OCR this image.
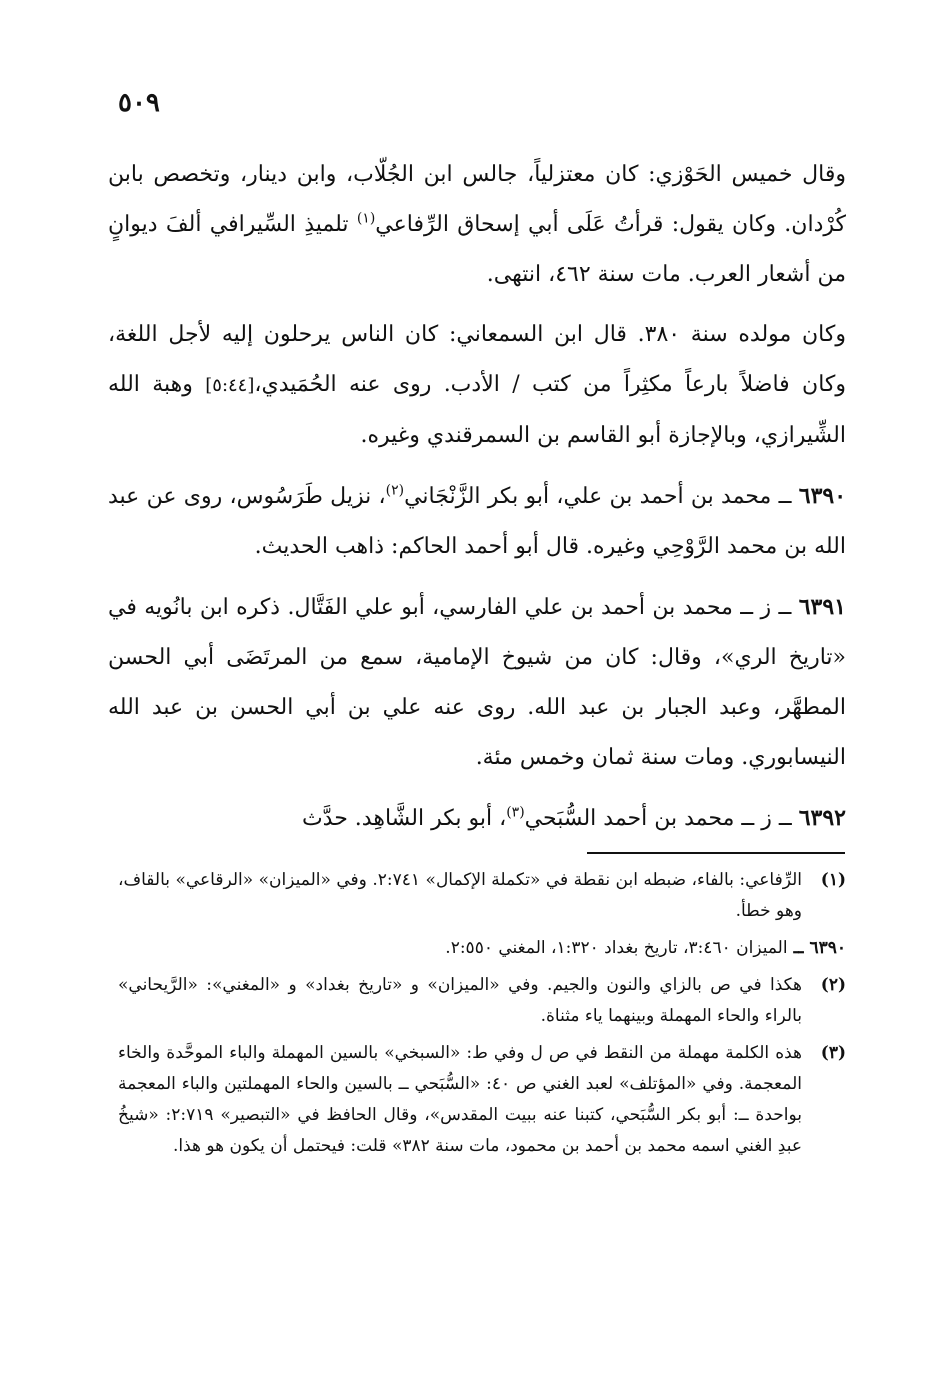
٥٠٩

وقال خميس الحَوْزي: كان معتزلياً، جالس ابن الجُلّاب، وابن دينار، وتخصص بابن كُرْدان. وكان يقول: قرأتُ عَلَى أبي إسحاق الرِّفاعي$^{(١)}$ تلميذِ السِّيرافي ألفَ ديوانٍ من أشعار العرب. مات سنة ٤٦٢، انتهى.

وكان مولده سنة ٣٨٠. قال ابن السمعاني: كان الناس يرحلون إليه لأجل اللغة، وكان فاضلاً بارعاً مكثِراً من كتب / الأدب. روى عنه الحُمَيدي،[٥:٤٤] وهبة الله الشِّيرازي، وبالإجازة أبو القاسم بن السمرقندي وغيره.

٦٣٩٠ ــ محمد بن أحمد بن علي، أبو بكر الزَّنْجَاني$^{(٢)}$، نزيل طَرَسُوس، روى عن عبد الله بن محمد الرَّوْحِي وغيره. قال أبو أحمد الحاكم: ذاهب الحديث.

٦٣٩١ ــ ز ــ محمد بن أحمد بن علي الفارسي، أبو علي الفَتَّال. ذكره ابن بانُويه في «تاريخ الري»، وقال: كان من شيوخ الإمامية، سمع من المرتَضَى أبي الحسن المطهَّر، وعبد الجبار بن عبد الله. روى عنه علي بن أبي الحسن بن عبد الله النيسابوري. ومات سنة ثمان وخمس مئة.

٦٣٩٢ ــ ز ــ محمد بن أحمد السُّبَحي$^{(٣)}$، أبو بكر الشَّاهِد. حدَّث

(١)
الرِّفاعي: بالفاء، ضبطه ابن نقطة في «تكملة الإكمال» ٢:٧٤١. وفي «الميزان» «الرقاعي» بالقاف، وهو خطأ.
٦٣٩٠ ــ
الميزان ٣:٤٦٠، تاريخ بغداد ١:٣٢٠، المغني ٢:٥٥٠.
(٢)
هكذا في ص بالزاي والنون والجيم. وفي «الميزان» و «تاريخ بغداد» و «المغني»: «الرَّيحاني» بالراء والحاء المهملة وبينهما ياء مثناة.
(٣)
هذه الكلمة مهملة من النقط في ص ل وفي ط: «السبخي» بالسين المهملة والباء الموحَّدة والخاء المعجمة. وفي «المؤتلف» لعبد الغني ص ٤٠: «السُّبَحي ــ بالسين والحاء المهملتين والباء المعجمة بواحدة ــ: أبو بكر السُّبَحي، كتبنا عنه ببيت المقدس»، وقال الحافظ في «التبصير» ٢:٧١٩: «شيخُ عبدِ الغني اسمه محمد بن أحمد بن محمود، مات سنة ٣٨٢» قلت: فيحتمل أن يكون هو هذا.
